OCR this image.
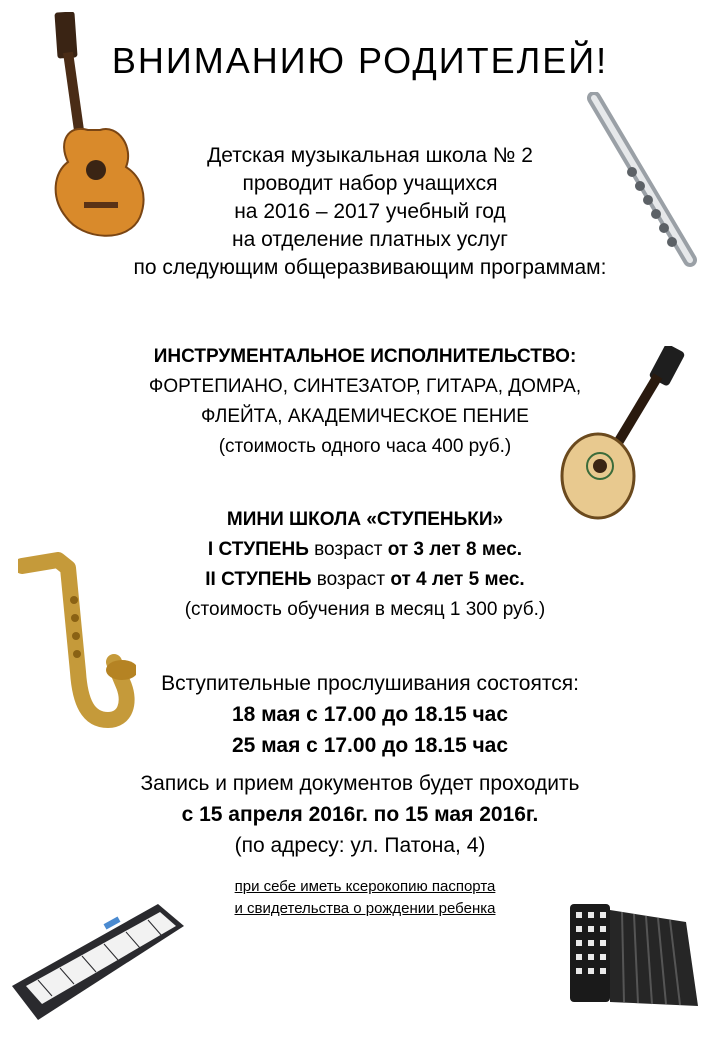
ВНИМАНИЮ РОДИТЕЛЕЙ!
Детская музыкальная школа № 2
проводит набор учащихся
на 2016 – 2017 учебный год
на отделение платных услуг
по следующим общеразвивающим программам:
ИНСТРУМЕНТАЛЬНОЕ ИСПОЛНИТЕЛЬСТВО:
ФОРТЕПИАНО, СИНТЕЗАТОР, ГИТАРА, ДОМРА,
ФЛЕЙТА, АКАДЕМИЧЕСКОЕ ПЕНИЕ
(стоимость одного часа 400 руб.)
МИНИ ШКОЛА «СТУПЕНЬКИ»
I СТУПЕНЬ возраст от 3 лет 8 мес.
II СТУПЕНЬ возраст от 4 лет 5 мес.
(стоимость обучения в месяц 1 300 руб.)
Вступительные прослушивания состоятся:
18 мая с 17.00 до 18.15 час
25 мая с 17.00 до 18.15 час
Запись и прием документов будет проходить
с 15 апреля 2016г. по 15 мая 2016г.
(по адресу: ул. Патона, 4)
при себе иметь ксерокопию паспорта
и свидетельства о рождении ребенка
